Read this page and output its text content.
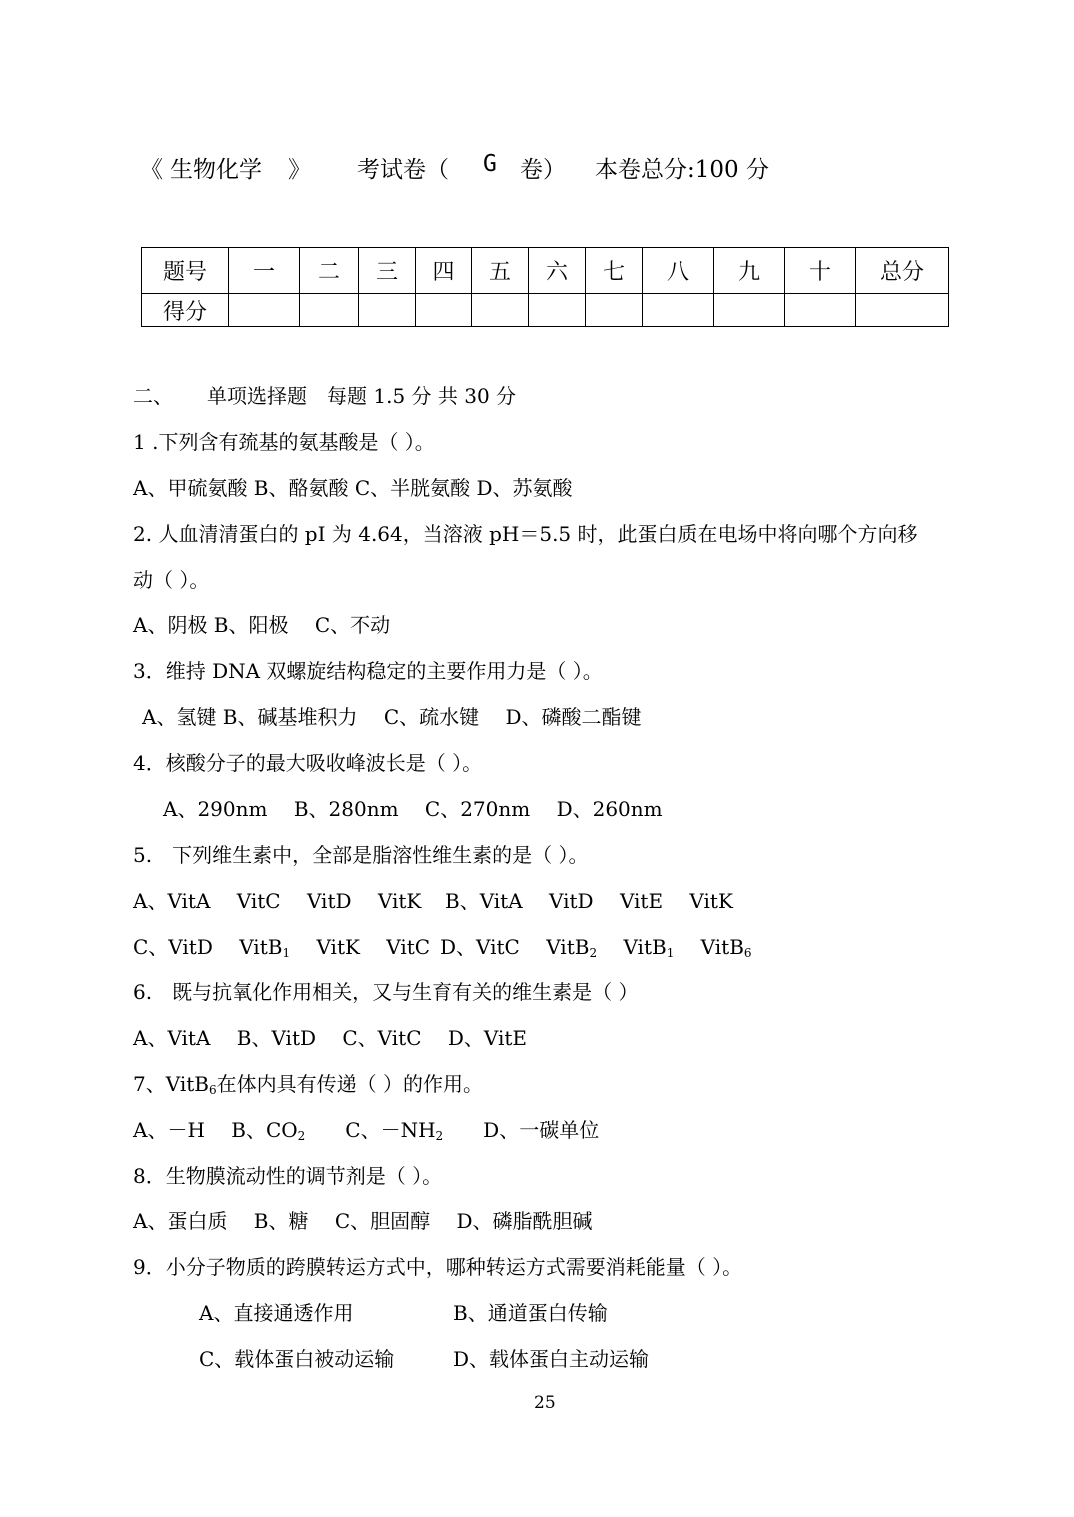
《 生物化学 》 考试卷（ G 卷） 本卷总分:100 分
题号	一	二	三	四	五	六	七	八	九	十	总分
得分											
二、 单项选择题　每题 1.5 分 共 30 分
1 .下列含有巯基的氨基酸是（ ）。
A、甲硫氨酸 B、酪氨酸 C、半胱氨酸 D、苏氨酸
2. 人血清清蛋白的 pI 为 4.64，当溶液 pH＝5.5 时，此蛋白质在电场中将向哪个方向移
动（ ）。
A、阴极 B、阳极　 C、不动
3．维持 DNA 双螺旋结构稳定的主要作用力是（ ）。
A、氢键 B、碱基堆积力　 C、疏水键　 D、磷酸二酯键
4．核酸分子的最大吸收峰波长是（ ）。
A、290nm　 B、280nm　 C、270nm　 D、260nm
5.　下列维生素中，全部是脂溶性维生素的是（ ）。
A、VitA　 VitC　 VitD　 VitK B、VitA　 VitD　 VitE　 VitK
C、VitD　 VitB$_1$　 VitK　 VitC D、VitC　 VitB$_2$　 VitB$_1$　 VitB$_6$
6.　既与抗氧化作用相关，又与生育有关的维生素是（ ）
A、VitA　 B、VitD　 C、VitC　 D、VitE
7、VitB$_6$在体内具有传递（ ）的作用。
A、－H　 B、$CO_2$　　C、$-NH_2$　　D、一碳单位
8．生物膜流动性的调节剂是（ ）。
A、蛋白质　 B、糖　 C、胆固醇　 D、磷脂酰胆碱
9．小分子物质的跨膜转运方式中，哪种转运方式需要消耗能量（ ）。
A、直接通透作用	B、通道蛋白传输
C、载体蛋白被动运输	D、载体蛋白主动运输
25
